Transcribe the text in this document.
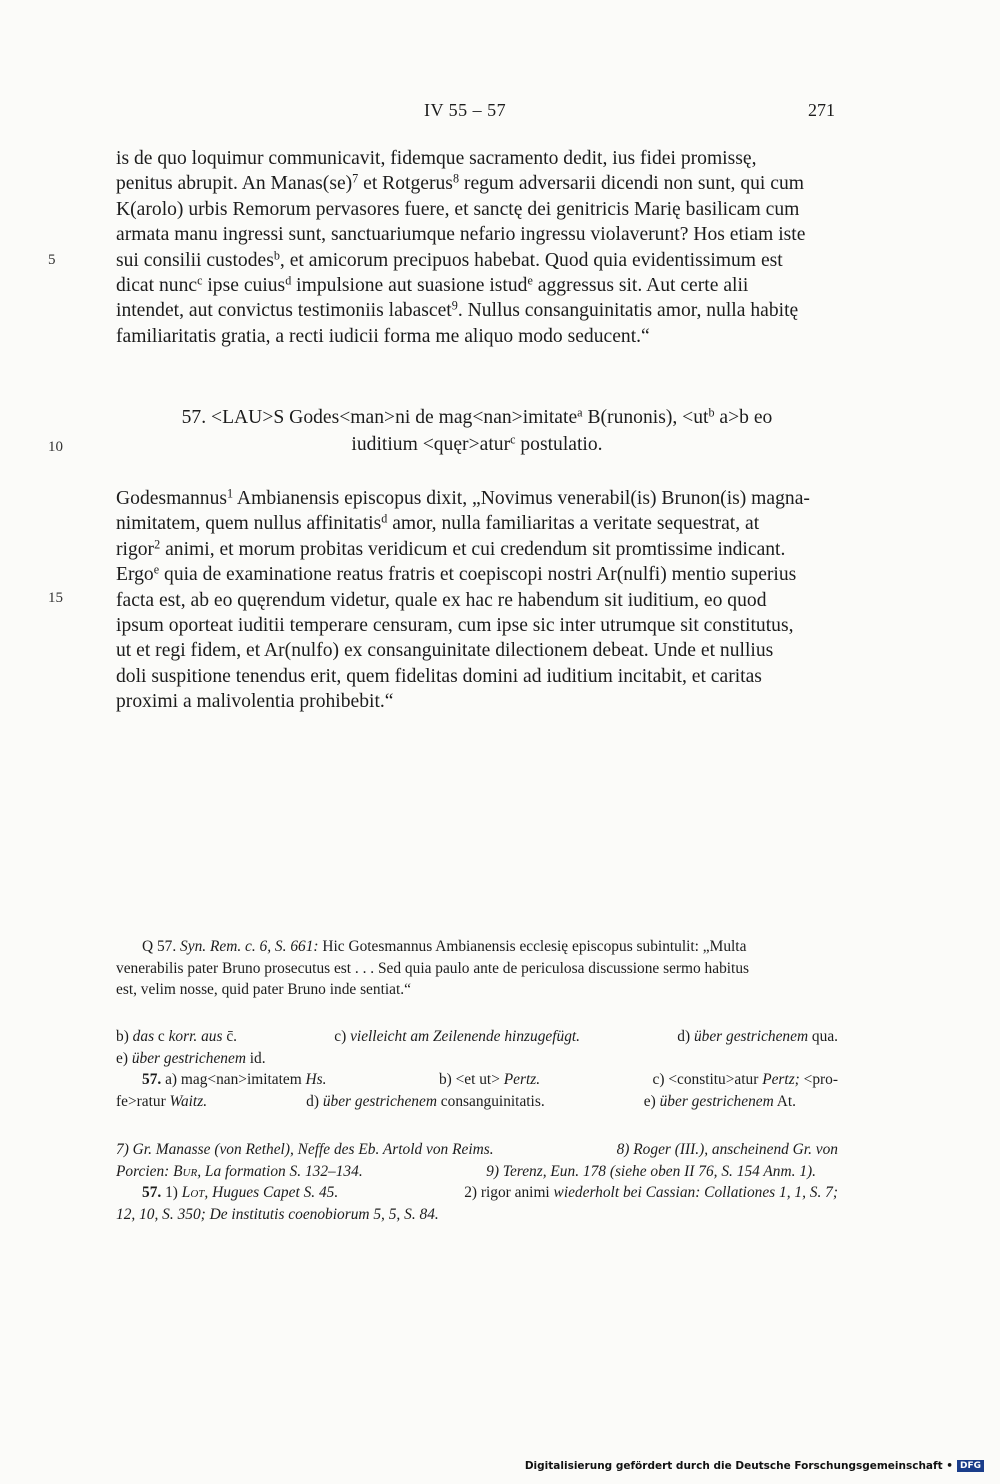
IV 55 – 57	271
5
10
15
is de quo loquimur communicavit, fidemque sacramento dedit, ius fidei promissę,
penitus abrupit. An Manas(se)$^7$ et Rotgerus$^8$ regum adversarii dicendi non sunt, qui cum
K(arolo) urbis Remorum pervasores fuere, et sanctę dei genitricis Marię basilicam cum
armata manu ingressi sunt, sanctuariumque nefario ingressu violaverunt? Hos etiam iste
sui consilii custodes$^b$, et amicorum precipuos habebat. Quod quia evidentissimum est
dicat nunc$^c$ ipse cuius$^d$ impulsione aut suasione istud$^e$ aggressus sit. Aut certe alii
intendet, aut convictus testimoniis labascet$^9$. Nullus consanguinitatis amor, nulla habitę
familiaritatis gratia, a recti iudicii forma me aliquo modo seducent.“
57. <LAU>S Godes<man>ni de mag<nan>imitate$^a$ B(runonis), $<ut^b$ a>b eo
iuditium <quęr>atur$^c$ postulatio.
Godesmannus$^1$ Ambianensis episcopus dixit, „Novimus venerabil(is) Brunon(is) magna-
nimitatem, quem nullus affinitatis$^d$ amor, nulla familiaritas a veritate sequestrat, at
rigor$^2$ animi, et morum probitas veridicum et cui credendum sit promtissime indicant.
Ergo$^e$ quia de examinatione reatus fratris et coepiscopi nostri Ar(nulfi) mentio superius
facta est, ab eo quęrendum videtur, quale ex hac re habendum sit iuditium, eo quod
ipsum oporteat iuditii temperare censuram, cum ipse sic inter utrumque sit constitutus,
ut et regi fidem, et Ar(nulfo) ex consanguinitate dilectionem debeat. Unde et nullius
doli suspitione tenendus erit, quem fidelitas domini ad iuditium incitabit, et caritas
proximi a malivolentia prohibebit.“
Q 57. Syn. Rem. c. 6, S. 661: Hic Gotesmannus Ambianensis ecclesię episcopus subintulit: „Multa
venerabilis pater Bruno prosecutus est . . . Sed quia paulo ante de periculosa discussione sermo habitus
est, velim nosse, quid pater Bruno inde sentiat.“
b) das c korr. aus c̄.	c) vielleicht am Zeilenende hinzugefügt.	d) über gestrichenem qua.
e) über gestrichenem id.
57. a) mag<nan>imitatem Hs.	b) <et ut> Pertz.	c) <constitu>atur Pertz; <pro-
fe>ratur Waitz.	d) über gestrichenem consanguinitatis.	e) über gestrichenem At.
7) Gr. Manasse (von Rethel), Neffe des Eb. Artold von Reims.	8) Roger (III.), anscheinend Gr. von
Porcien: Bur, La formation S. 132–134.	9) Terenz, Eun. 178 (siehe oben II 76, S. 154 Anm. 1).
57. 1) Lot, Hugues Capet S. 45.	2) rigor animi wiederholt bei Cassian: Collationes 1, 1, S. 7;
12, 10, S. 350; De institutis coenobiorum 5, 5, S. 84.
Digitalisierung gefördert durch die Deutsche Forschungsgemeinschaft • DFG
